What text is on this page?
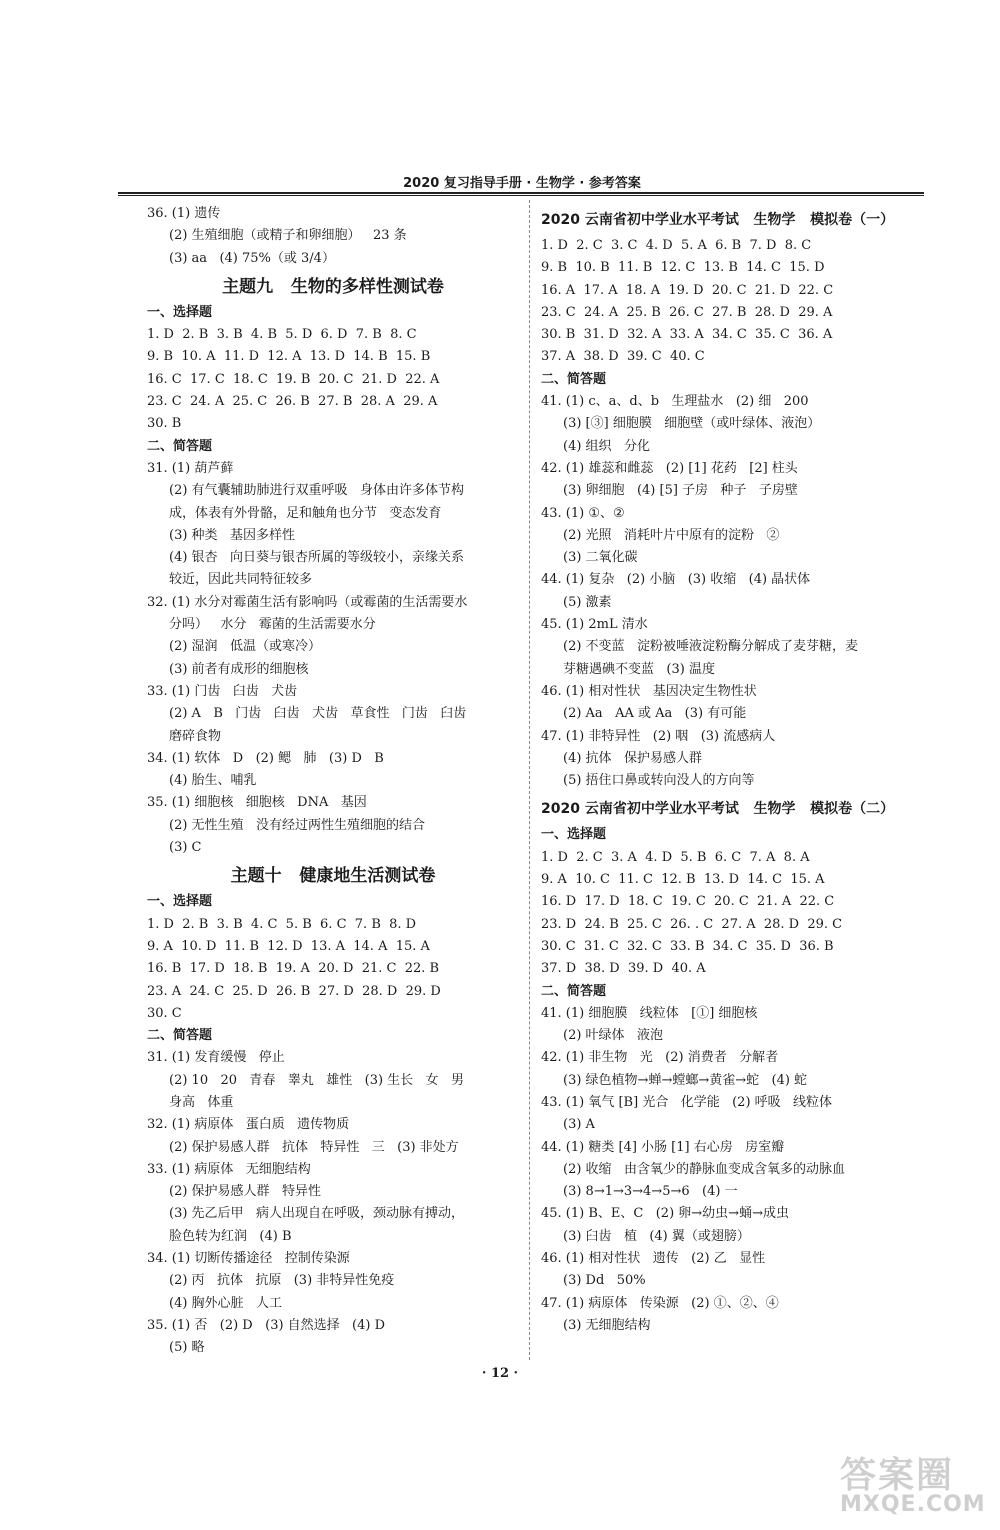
2020 复习指导手册 · 生物学 · 参考答案
36. (1) 遗传
(2) 生殖细胞（或精子和卵细胞）   23 条
(3) aa   (4) 75%（或 3/4）
主题九   生物的多样性测试卷
一、选择题
1. D  2. B  3. B  4. B  5. D  6. D  7. B  8. C
9. B  10. A  11. D  12. A  13. D  14. B  15. B
16. C  17. C  18. C  19. B  20. C  21. D  22. A
23. C  24. A  25. C  26. B  27. B  28. A  29. A
30. B
二、简答题
31. (1) 葫芦藓
(2) 有气囊辅助肺进行双重呼吸   身体由许多体节构
成，体表有外骨骼，足和触角也分节   变态发育
(3) 种类   基因多样性
(4) 银杏   向日葵与银杏所属的等级较小，亲缘关系
较近，因此共同特征较多
32. (1) 水分对霉菌生活有影响吗（或霉菌的生活需要水
分吗）   水分   霉菌的生活需要水分
(2) 湿润   低温（或寒冷）
(3) 前者有成形的细胞核
33. (1) 门齿   臼齿   犬齿
(2) A   B   门齿   臼齿   犬齿   草食性   门齿   臼齿
磨碎食物
34. (1) 软体   D   (2) 鳃   肺   (3) D   B
(4) 胎生、哺乳
35. (1) 细胞核   细胞核   DNA   基因
(2) 无性生殖   没有经过两性生殖细胞的结合
(3) C
主题十   健康地生活测试卷
一、选择题
1. D  2. B  3. B  4. C  5. B  6. C  7. B  8. D
9. A  10. D  11. B  12. D  13. A  14. A  15. A
16. B  17. D  18. B  19. A  20. D  21. C  22. B
23. A  24. C  25. D  26. B  27. D  28. D  29. D
30. C
二、简答题
31. (1) 发育缓慢   停止
(2) 10   20   青春   睾丸   雄性   (3) 生长   女   男
身高   体重
32. (1) 病原体   蛋白质   遗传物质
(2) 保护易感人群   抗体   特异性   三   (3) 非处方
33. (1) 病原体   无细胞结构
(2) 保护易感人群   特异性
(3) 先乙后甲   病人出现自在呼吸，颈动脉有搏动，
脸色转为红润   (4) B
34. (1) 切断传播途径   控制传染源
(2) 丙   抗体   抗原   (3) 非特异性免疫
(4) 胸外心脏   人工
35. (1) 否   (2) D   (3) 自然选择   (4) D
(5) 略
2020 云南省初中学业水平考试   生物学   模拟卷（一）
1. D  2. C  3. C  4. D  5. A  6. B  7. D  8. C
9. B  10. B  11. B  12. C  13. B  14. C  15. D
16. A  17. A  18. A  19. D  20. C  21. D  22. C
23. C  24. A  25. B  26. C  27. B  28. D  29. A
30. B  31. D  32. A  33. A  34. C  35. C  36. A
37. A  38. D  39. C  40. C
二、简答题
41. (1) c、a、d、b   生理盐水   (2) 细   200
(3) [③] 细胞膜   细胞壁（或叶绿体、液泡）
(4) 组织   分化
42. (1) 雄蕊和雌蕊   (2) [1] 花药   [2] 柱头
(3) 卵细胞   (4) [5] 子房   种子   子房壁
43. (1) ①、②
(2) 光照   消耗叶片中原有的淀粉   ②
(3) 二氧化碳
44. (1) 复杂   (2) 小脑   (3) 收缩   (4) 晶状体
(5) 激素
45. (1) 2mL 清水
(2) 不变蓝   淀粉被唾液淀粉酶分解成了麦芽糖，麦
芽糖遇碘不变蓝   (3) 温度
46. (1) 相对性状   基因决定生物性状
(2) Aa   AA 或 Aa   (3) 有可能
47. (1) 非特异性   (2) 咽   (3) 流感病人
(4) 抗体   保护易感人群
(5) 捂住口鼻或转向没人的方向等
2020 云南省初中学业水平考试   生物学   模拟卷（二）
一、选择题
1. D  2. C  3. A  4. D  5. B  6. C  7. A  8. A
9. A  10. C  11. C  12. B  13. D  14. C  15. A
16. D  17. D  18. C  19. C  20. C  21. A  22. C
23. D  24. B  25. C  26. . C  27. A  28. D  29. C
30. C  31. C  32. C  33. B  34. C  35. D  36. B
37. D  38. D  39. D  40. A
二、简答题
41. (1) 细胞膜   线粒体   [①] 细胞核
(2) 叶绿体   液泡
42. (1) 非生物   光   (2) 消费者   分解者
(3) 绿色植物→蝉→螳螂→黄雀→蛇   (4) 蛇
43. (1) 氧气 [B] 光合   化学能   (2) 呼吸   线粒体
(3) A
44. (1) 糖类 [4] 小肠 [1] 右心房   房室瓣
(2) 收缩   由含氧少的静脉血变成含氧多的动脉血
(3) 8→1→3→4→5→6   (4) 一
45. (1) B、E、C   (2) 卵→幼虫→蛹→成虫
(3) 臼齿   植   (4) 翼（或翅膀）
46. (1) 相对性状   遗传   (2) 乙   显性
(3) Dd   50%
47. (1) 病原体   传染源   (2) ①、②、④
(3) 无细胞结构
· 12 ·
答案圈
MXQE.COM
